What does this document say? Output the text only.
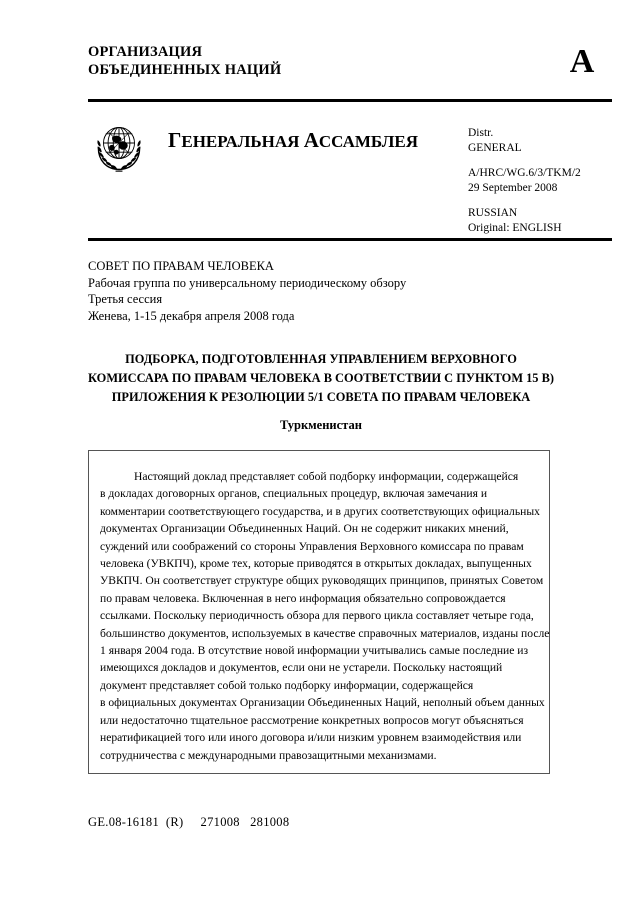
ОРГАНИЗАЦИЯ
ОБЪЕДИНЕННЫХ НАЦИЙ	A
ГЕНЕРАЛЬНАЯ АССАМБЛЕЯ	Distr.
GENERAL
A/HRC/WG.6/3/TKM/2
29 September 2008
RUSSIAN
Original: ENGLISH
СОВЕТ ПО ПРАВАМ ЧЕЛОВЕКА
Рабочая группа по универсальному периодическому обзору
Третья сессия
Женева, 1-15 декабря апреля 2008 года
ПОДБОРКА, ПОДГОТОВЛЕННАЯ УПРАВЛЕНИЕМ ВЕРХОВНОГО
КОМИССАРА ПО ПРАВАМ ЧЕЛОВЕКА В СООТВЕТСТВИИ С ПУНКТОМ 15 В)
ПРИЛОЖЕНИЯ К РЕЗОЛЮЦИИ 5/1 СОВЕТА ПО ПРАВАМ ЧЕЛОВЕКА
Туркменистан
Настоящий доклад представляет собой подборку информации, содержащейся
в докладах договорных органов, специальных процедур, включая замечания и
комментарии соответствующего государства, и в других соответствующих официальных
документах Организации Объединенных Наций. Он не содержит никаких мнений,
суждений или соображений со стороны Управления Верховного комиссара по правам
человека (УВКПЧ), кроме тех, которые приводятся в открытых докладах, выпущенных
УВКПЧ. Он соответствует структуре общих руководящих принципов, принятых Советом
по правам человека. Включенная в него информация обязательно сопровождается
ссылками. Поскольку периодичность обзора для первого цикла составляет четыре года,
большинство документов, используемых в качестве справочных материалов, изданы после
1 января 2004 года. В отсутствие новой информации учитывались самые последние из
имеющихся докладов и документов, если они не устарели. Поскольку настоящий
документ представляет собой только подборку информации, содержащейся
в официальных документах Организации Объединенных Наций, неполный объем данных
или недостаточно тщательное рассмотрение конкретных вопросов могут объясняться
нератификацией того или иного договора и/или низким уровнем взаимодействия или
сотрудничества с международными правозащитными механизмами.
GE.08-16181  (R)     271008   281008
